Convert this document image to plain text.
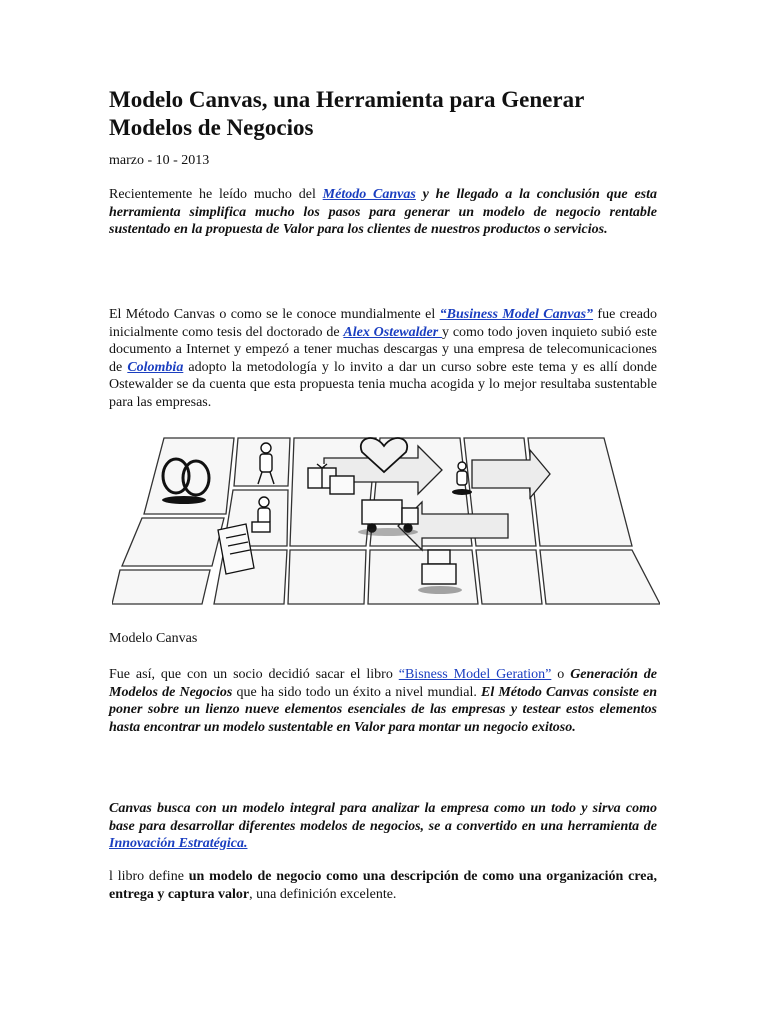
Modelo Canvas, una Herramienta para Generar Modelos de Negocios
marzo - 10 - 2013

Recientemente he leído mucho del Método Canvas y he llegado a la conclusión que esta herramienta simplifica mucho los pasos para generar un modelo de negocio rentable sustentado en la propuesta de Valor para los clientes de nuestros productos o servicios.

El Método Canvas o como se le conoce mundialmente el “Business Model Canvas” fue creado inicialmente como tesis del doctorado de Alex Ostewalder y como todo joven inquieto subió este documento a Internet y empezó a tener muchas descargas y una empresa de telecomunicaciones de Colombia adopto la metodología y lo invito a dar un curso sobre este tema y es allí donde Ostewalder se da cuenta que esta propuesta tenia mucha acogida y lo mejor resultaba sustentable para las empresas.

Modelo Canvas

Fue así, que con un socio decidió sacar el libro “Bisness Model Geration” o Generación de Modelos de Negocios que ha sido todo un éxito a nivel mundial. El Método Canvas consiste en poner sobre un lienzo nueve elementos esenciales de las empresas y testear estos elementos hasta encontrar un modelo sustentable en Valor para montar un negocio exitoso.

Canvas busca con un modelo integral para analizar la empresa como un todo y sirva como base para desarrollar diferentes modelos de negocios, se a convertido en una herramienta de Innovación Estratégica.

l libro define un modelo de negocio como una descripción de como una organización crea, entrega y captura valor, una definición excelente.
